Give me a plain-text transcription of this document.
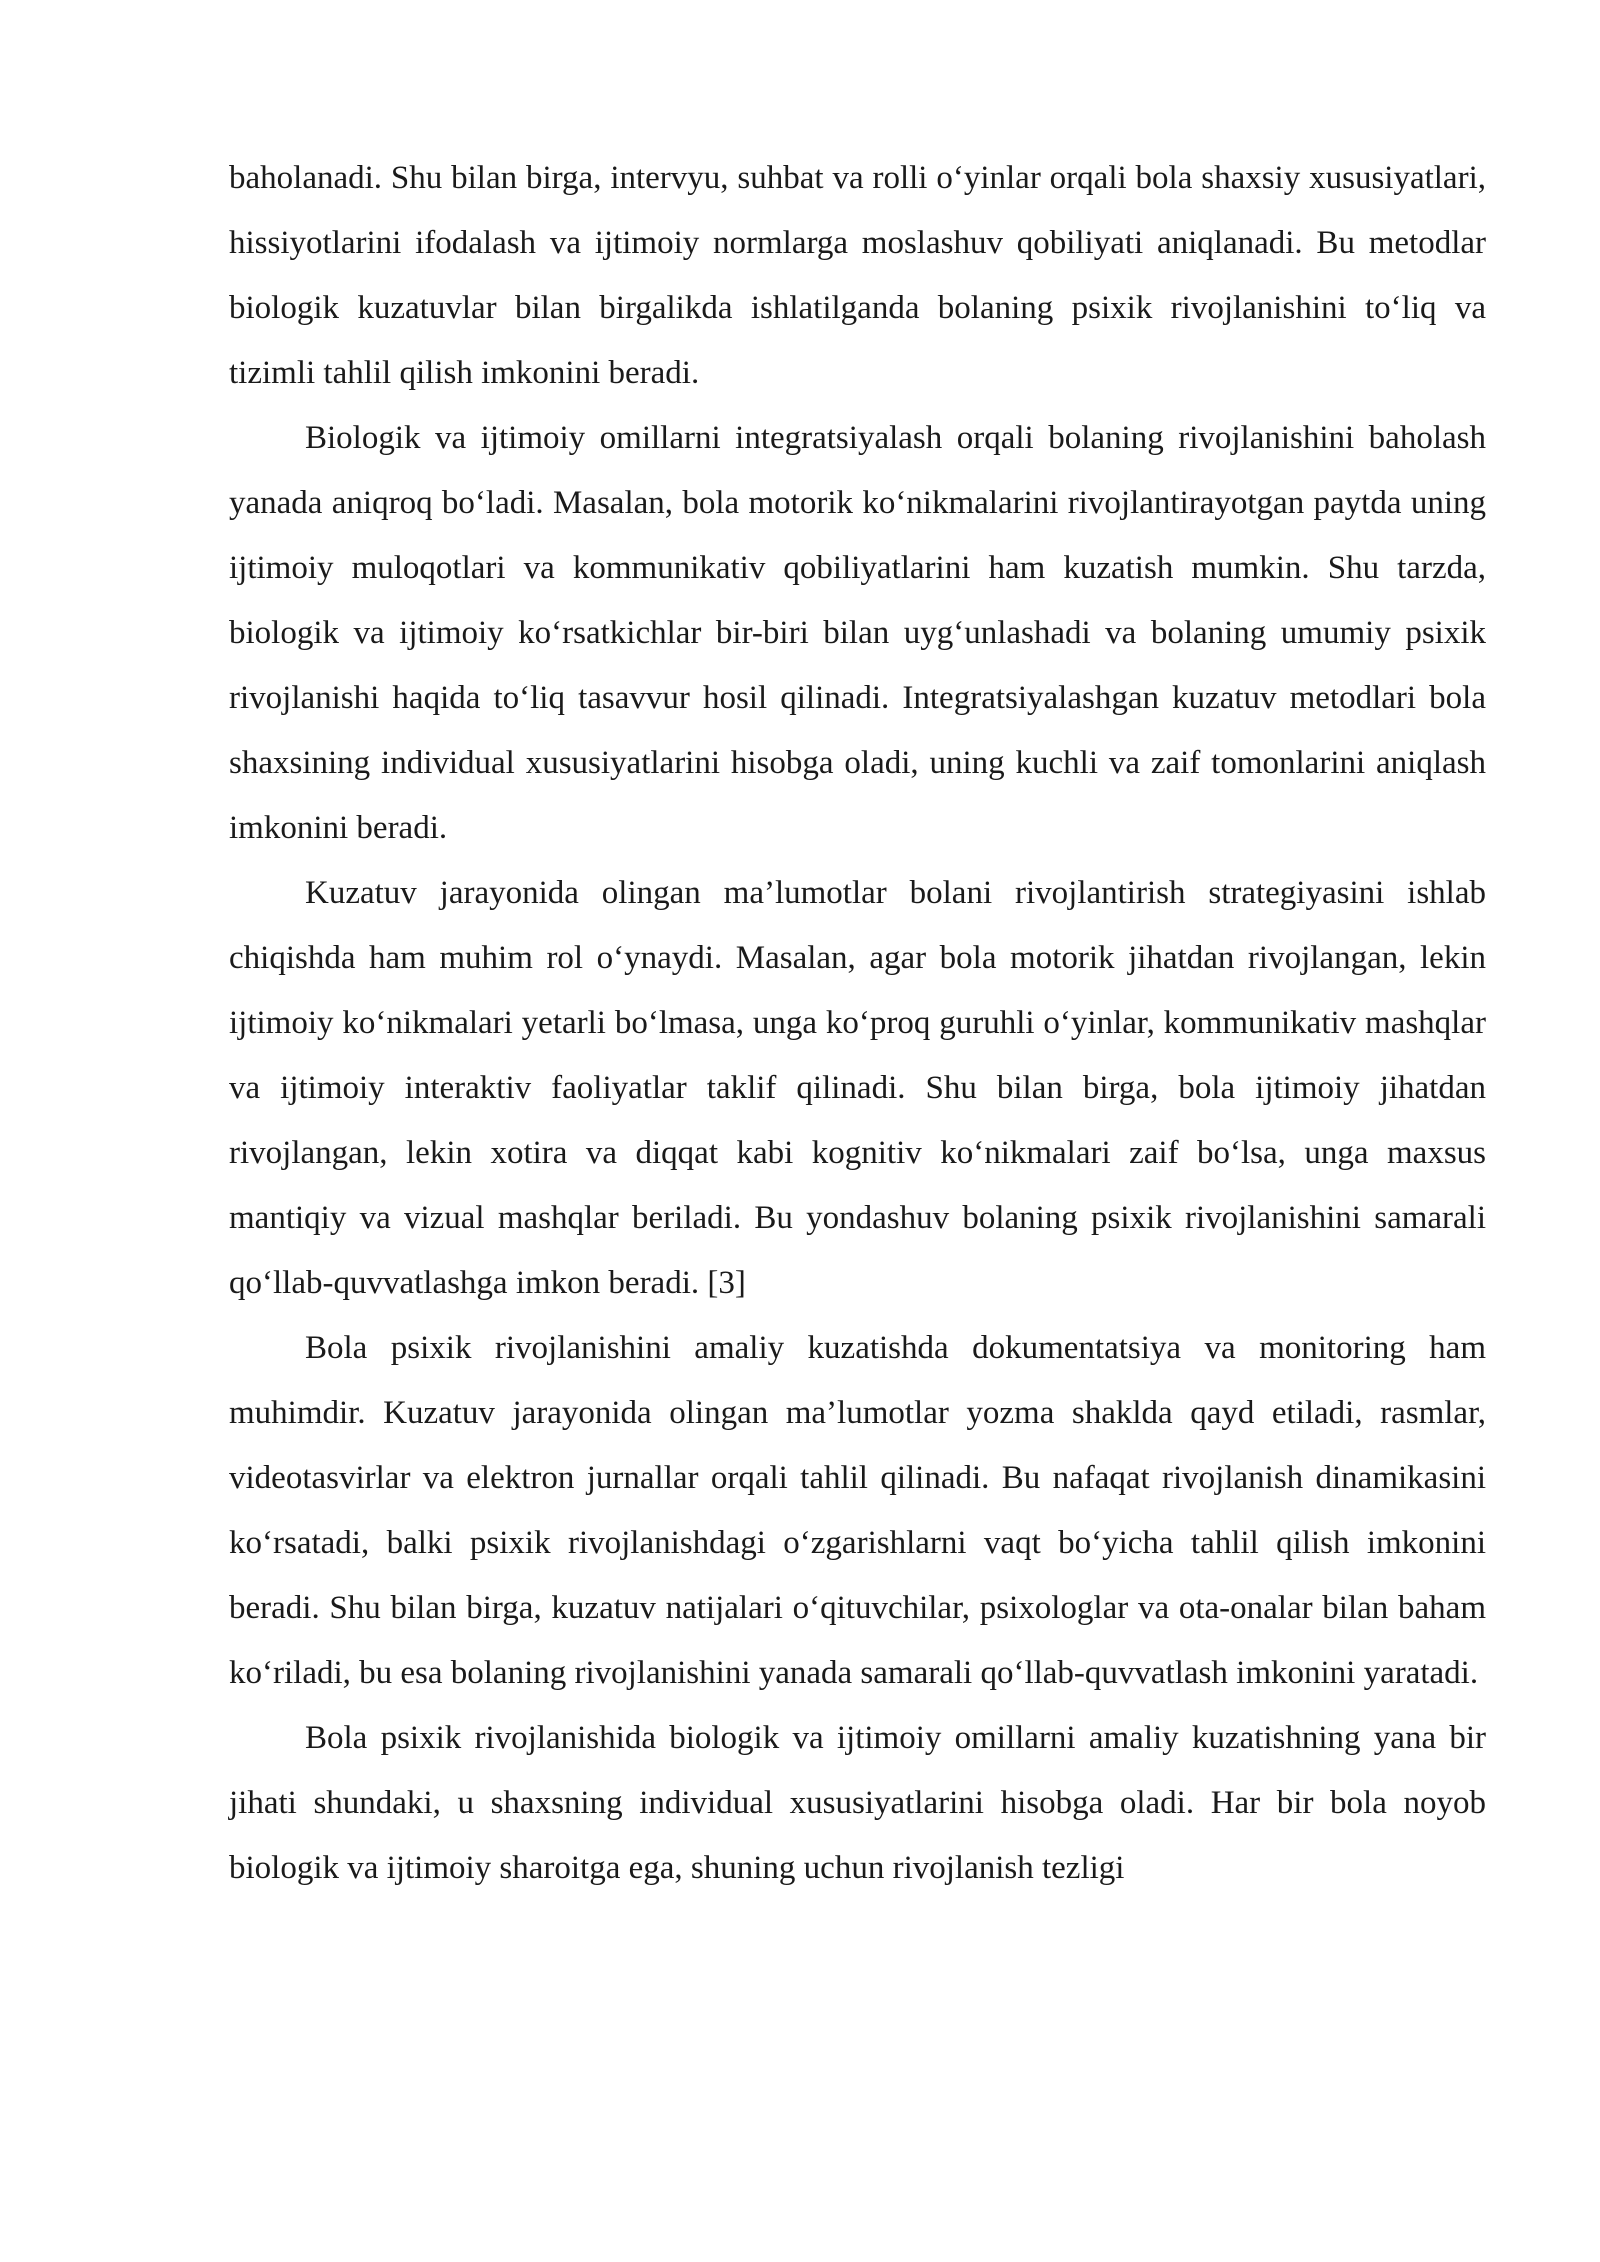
baholanadi. Shu bilan birga, intervyu, suhbat va rolli o‘yinlar orqali bola shaxsiy xususiyatlari, hissiyotlarini ifodalash va ijtimoiy normlarga moslashuv qobiliyati aniqlanadi. Bu metodlar biologik kuzatuvlar bilan birgalikda ishlatilganda bolaning psixik rivojlanishini to‘liq va tizimli tahlil qilish imkonini beradi.

Biologik va ijtimoiy omillarni integratsiyalash orqali bolaning rivojlanishini baholash yanada aniqroq bo‘ladi. Masalan, bola motorik ko‘nikmalarini rivojlantirayotgan paytda uning ijtimoiy muloqotlari va kommunikativ qobiliyatlarini ham kuzatish mumkin. Shu tarzda, biologik va ijtimoiy ko‘rsatkichlar bir-biri bilan uyg‘unlashadi va bolaning umumiy psixik rivojlanishi haqida to‘liq tasavvur hosil qilinadi. Integratsiyalashgan kuzatuv metodlari bola shaxsining individual xususiyatlarini hisobga oladi, uning kuchli va zaif tomonlarini aniqlash imkonini beradi.

Kuzatuv jarayonida olingan ma’lumotlar bolani rivojlantirish strategiyasini ishlab chiqishda ham muhim rol o‘ynaydi. Masalan, agar bola motorik jihatdan rivojlangan, lekin ijtimoiy ko‘nikmalari yetarli bo‘lmasa, unga ko‘proq guruhli o‘yinlar, kommunikativ mashqlar va ijtimoiy interaktiv faoliyatlar taklif qilinadi. Shu bilan birga, bola ijtimoiy jihatdan rivojlangan, lekin xotira va diqqat kabi kognitiv ko‘nikmalari zaif bo‘lsa, unga maxsus mantiqiy va vizual mashqlar beriladi. Bu yondashuv bolaning psixik rivojlanishini samarali qo‘llab-quvvatlashga imkon beradi. [3]

Bola psixik rivojlanishini amaliy kuzatishda dokumentatsiya va monitoring ham muhimdir. Kuzatuv jarayonida olingan ma’lumotlar yozma shaklda qayd etiladi, rasmlar, videotasvirlar va elektron jurnallar orqali tahlil qilinadi. Bu nafaqat rivojlanish dinamikasini ko‘rsatadi, balki psixik rivojlanishdagi o‘zgarishlarni vaqt bo‘yicha tahlil qilish imkonini beradi. Shu bilan birga, kuzatuv natijalari o‘qituvchilar, psixologlar va ota-onalar bilan baham ko‘riladi, bu esa bolaning rivojlanishini yanada samarali qo‘llab-quvvatlash imkonini yaratadi.

Bola psixik rivojlanishida biologik va ijtimoiy omillarni amaliy kuzatishning yana bir jihati shundaki, u shaxsning individual xususiyatlarini hisobga oladi. Har bir bola noyob biologik va ijtimoiy sharoitga ega, shuning uchun rivojlanish tezligi
